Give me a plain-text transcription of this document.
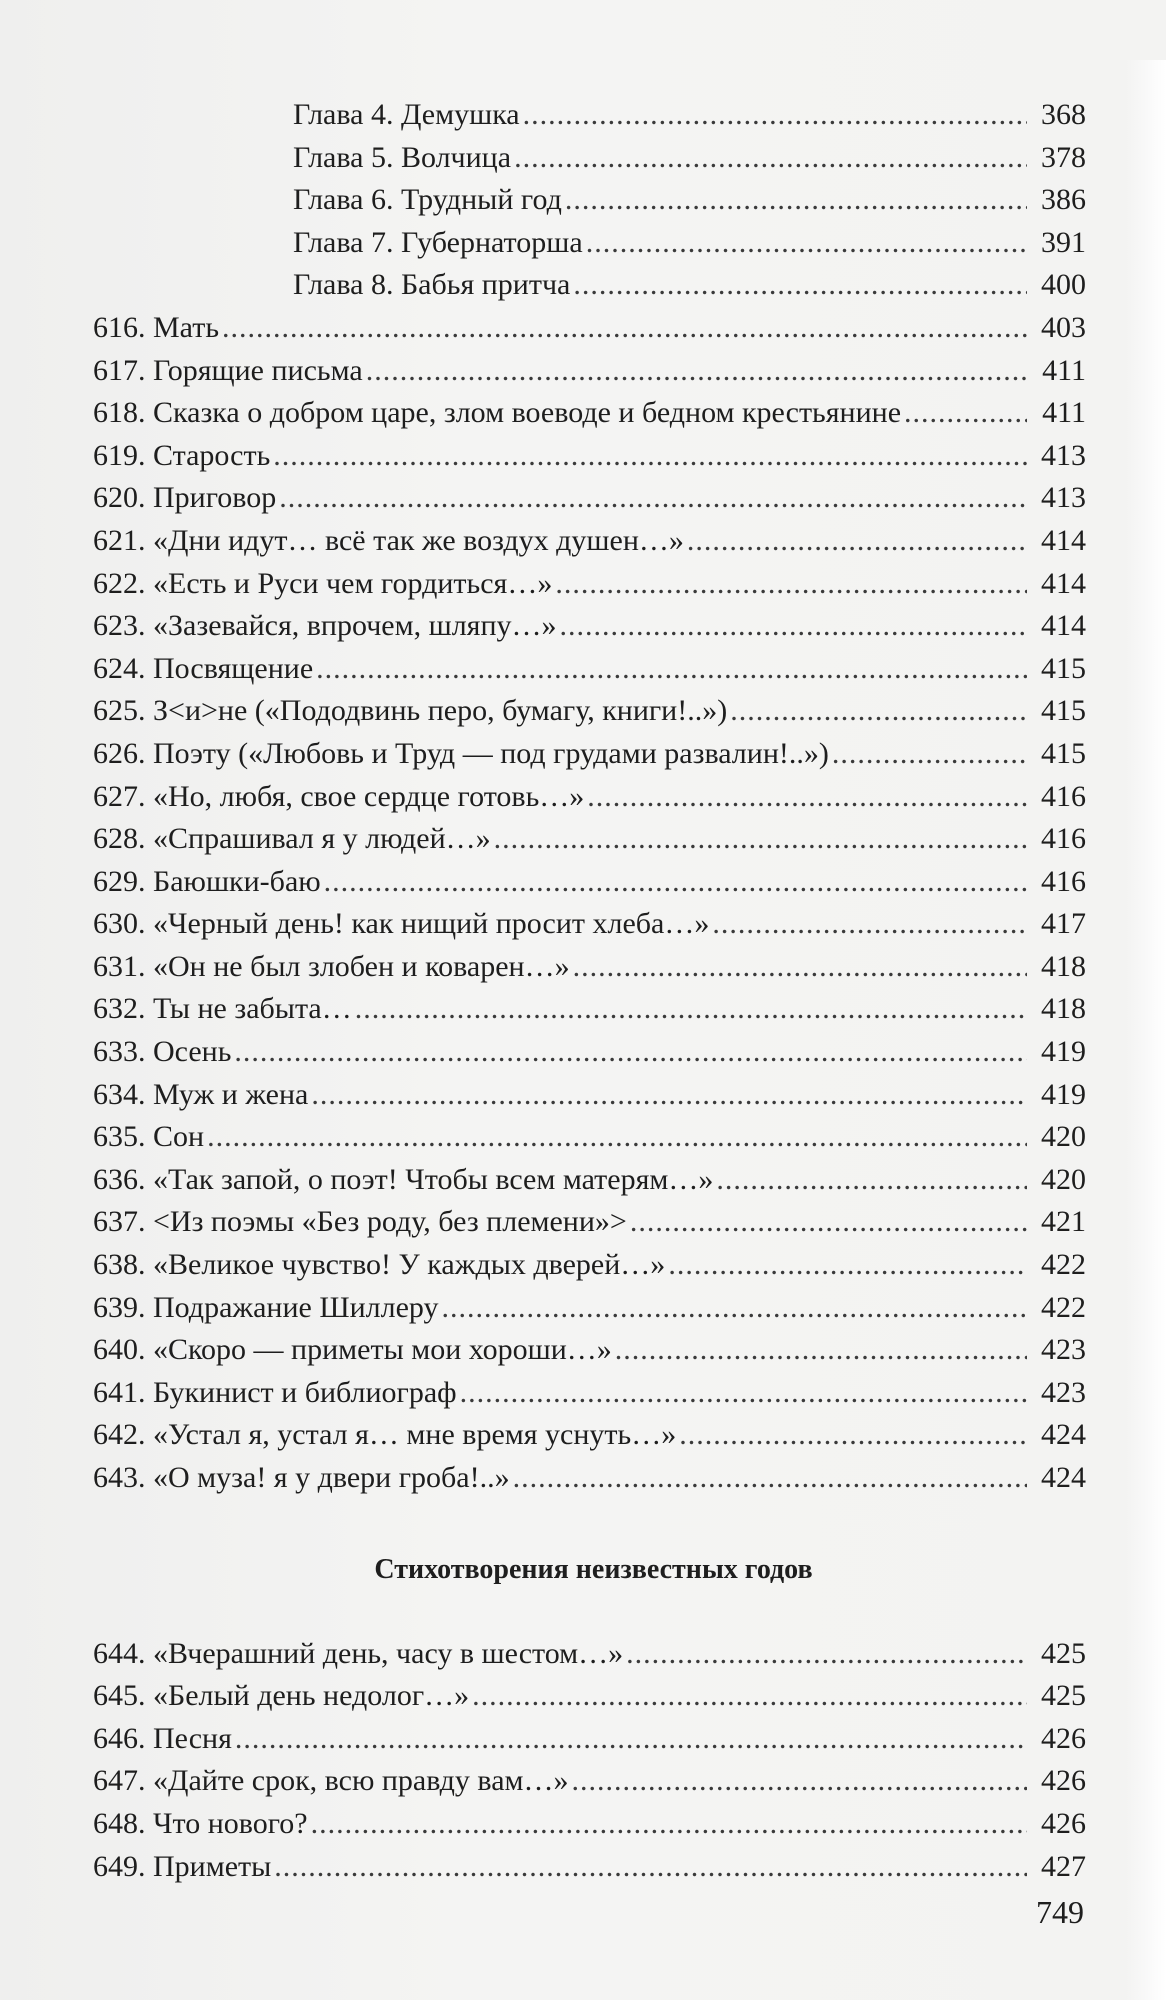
Глава 4. Демушка .....	368
Глава 5. Волчица .....	378
Глава 6. Трудный год .....	386
Глава 7. Губернаторша .....	391
Глава 8. Бабья притча .....	400
616. Мать .....	403
617. Горящие письма .....	411
618. Сказка о добром царе, злом воеводе и бедном крестьянине .....	411
619. Старость .....	413
620. Приговор .....	413
621. «Дни идут… всё так же воздух душен…» .....	414
622. «Есть и Руси чем гордиться…» .....	414
623. «Зазевайся, впрочем, шляпу…» .....	414
624. Посвящение .....	415
625. З<и>не («Пододвинь перо, бумагу, книги!..») .....	415
626. Поэту («Любовь и Труд — под грудами развалин!..») .....	415
627. «Но, любя, свое сердце готовь…» .....	416
628. «Спрашивал я у людей…» .....	416
629. Баюшки-баю .....	416
630. «Черный день! как нищий просит хлеба…» .....	417
631. «Он не был злобен и коварен…» .....	418
632. Ты не забыта… .....	418
633. Осень .....	419
634. Муж и жена .....	419
635. Сон .....	420
636. «Так запой, о поэт! Чтобы всем матерям…» .....	420
637. <Из поэмы «Без роду, без племени»> .....	421
638. «Великое чувство! У каждых дверей…» .....	422
639. Подражание Шиллеру .....	422
640. «Скоро — приметы мои хороши…» .....	423
641. Букинист и библиограф .....	423
642. «Устал я, устал я… мне время уснуть…» .....	424
643. «О муза! я у двери гроба!..» .....	424
Стихотворения неизвестных годов
644. «Вчерашний день, часу в шестом…» .....	425
645. «Белый день недолог…» .....	425
646. Песня .....	426
647. «Дайте срок, всю правду вам…» .....	426
648. Что нового? .....	426
649. Приметы .....	427
749
